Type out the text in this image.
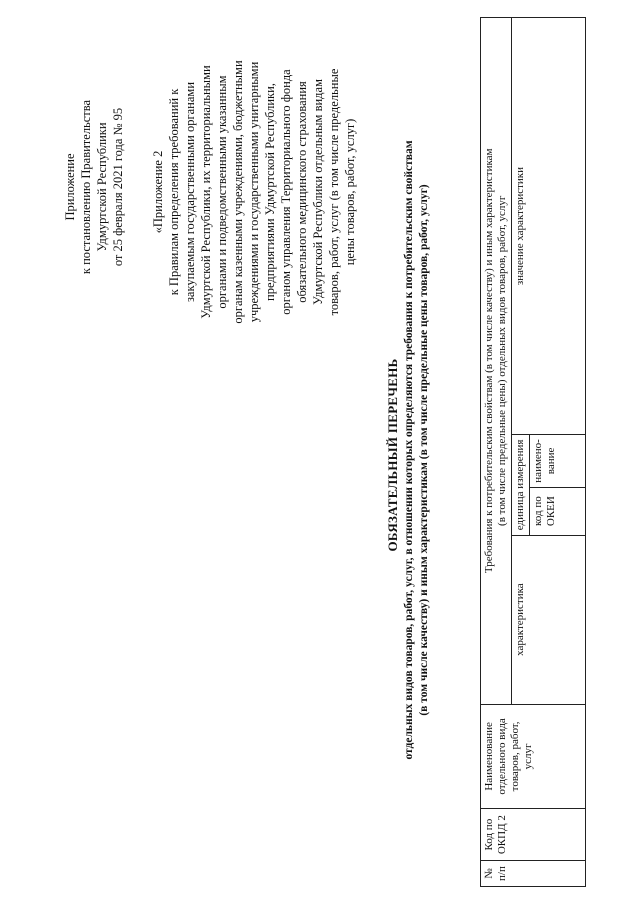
Приложение к постановлению Правительства Удмуртской Республики от 25 февраля 2021 года № 95 «Приложение 2 к Правилам определения требований к закупаемым государственными органами Удмуртской Республики, их территориальными органами и подведомственными указанным органам казенными учреждениями, бюджетными учреждениями и государственными унитарными предприятиями Удмуртской Республики, органом управления Территориального фонда обязательного медицинского страхования Удмуртской Республики отдельным видам товаров, работ, услуг (в том числе предельные цены товаров, работ, услуг)
ОБЯЗАТЕЛЬНЫЙ ПЕРЕЧЕНЬ отдельных видов товаров, работ, услуг, в отношении которых определяются требования к потребительским свойствам (в том числе качеству) и иным характеристикам (в том числе предельные цены товаров, работ, услуг)
№ п/п	Код по ОКПД 2	Наименование отдельного вида товаров, работ, услуг	Требования к потребительским свойствам (в том числе качеству) и иным характеристикам (в том числе предельные цены) отдельных видов товаров, работ, услуг			

			характеристика	единица измерения		значение характеристики
				код по ОКЕИ	наимено-вание	
